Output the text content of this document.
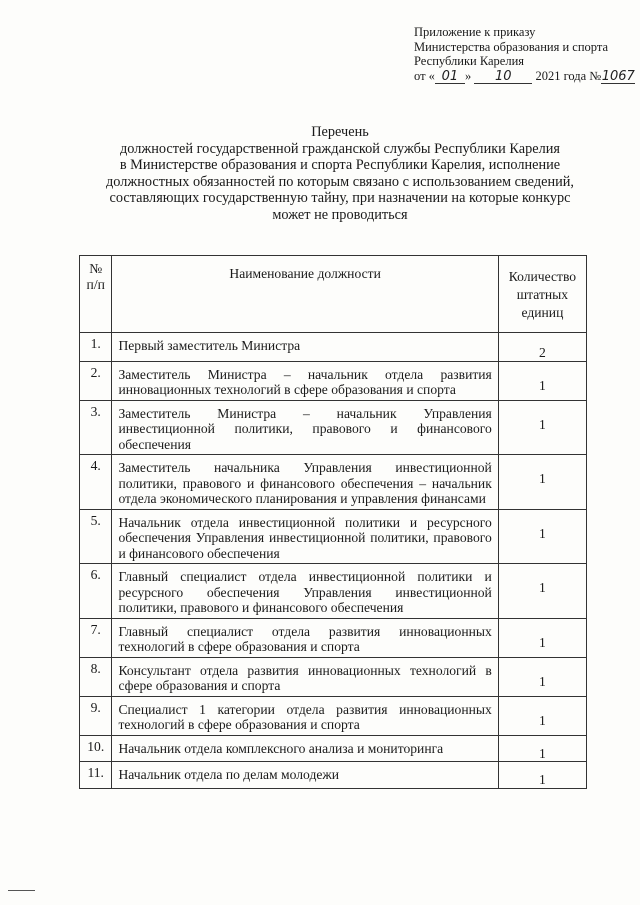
Приложение к приказу
Министерства образования и спорта
Республики Карелия
от « 01 » 10 2021 года №1067
Перечень
должностей государственной гражданской службы Республики Карелия
в Министерстве образования и спорта Республики Карелия, исполнение
должностных обязанностей по которым связано с использованием сведений,
составляющих государственную тайну, при назначении на которые конкурс
может не проводиться
№ п/п	Наименование должности	Количество штатных единиц
1.	Первый заместитель Министра	2
2.	Заместитель Министра – начальник отдела развития инновационных технологий в сфере образования и спорта	1
3.	Заместитель Министра – начальник Управления инвестиционной политики, правового и финансового обеспечения	1
4.	Заместитель начальника Управления инвестиционной политики, правового и финансового обеспечения – начальник отдела экономического планирования и управления финансами	1
5.	Начальник отдела инвестиционной политики и ресурсного обеспечения Управления инвестиционной политики, правового и финансового обеспечения	1
6.	Главный специалист отдела инвестиционной политики и ресурсного обеспечения Управления инвестиционной политики, правового и финансового обеспечения	1
7.	Главный специалист отдела развития инновационных технологий в сфере образования и спорта	1
8.	Консультант отдела развития инновационных технологий в сфере образования и спорта	1
9.	Специалист 1 категории отдела развития инновационных технологий в сфере образования и спорта	1
10.	Начальник отдела комплексного анализа и мониторинга	1
11.	Начальник отдела по делам молодежи	1
